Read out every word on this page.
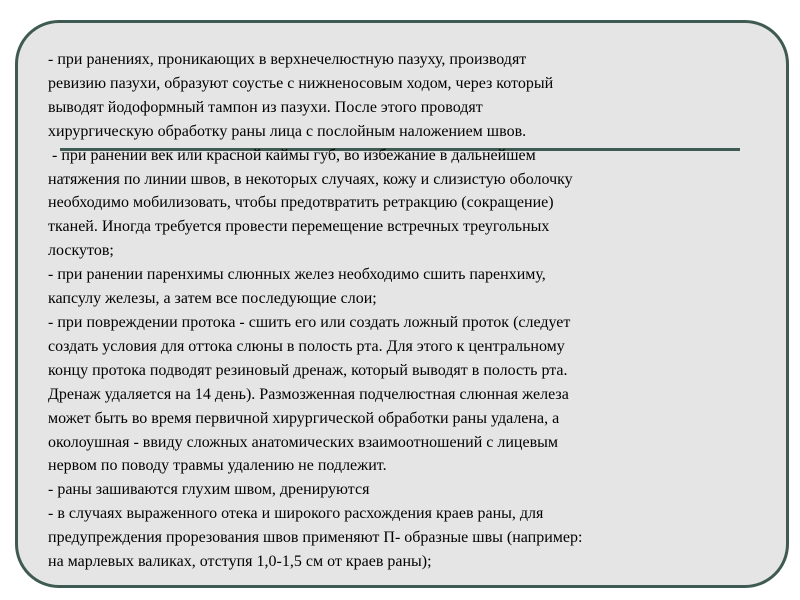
- при ранениях, проникающих в верхнечелюстную пазуху, производят
ревизию пазухи, образуют соустье с нижненосовым ходом, через который
выводят йодоформный тампон из пазухи. После этого проводят
хирургическую обработку раны лица с послойным наложением швов.
- при ранении век или красной каймы губ, во избежание в дальнейшем
натяжения по линии швов, в некоторых случаях, кожу и слизистую оболочку
необходимо мобилизовать, чтобы предотвратить ретракцию (сокращение)
тканей. Иногда требуется провести перемещение встречных треугольных
лоскутов;
- при ранении паренхимы слюнных желез необходимо сшить паренхиму,
капсулу железы, а затем все последующие слои;
- при повреждении протока - сшить его или создать ложный проток (следует
создать условия для оттока слюны в полость рта. Для этого к центральному
концу протока подводят резиновый дренаж, который выводят в полость рта.
Дренаж удаляется на 14 день). Размозженная подчелюстная слюнная железа
может быть во время первичной хирургической обработки раны удалена, а
околоушная - ввиду сложных анатомических взаимоотношений с лицевым
нервом по поводу травмы удалению не подлежит.
- раны зашиваются глухим швом, дренируются
- в случаях выраженного отека и широкого расхождения краев раны, для
предупреждения прорезования швов применяют П- образные швы (например:
на марлевых валиках, отступя 1,0-1,5 см от краев раны);
